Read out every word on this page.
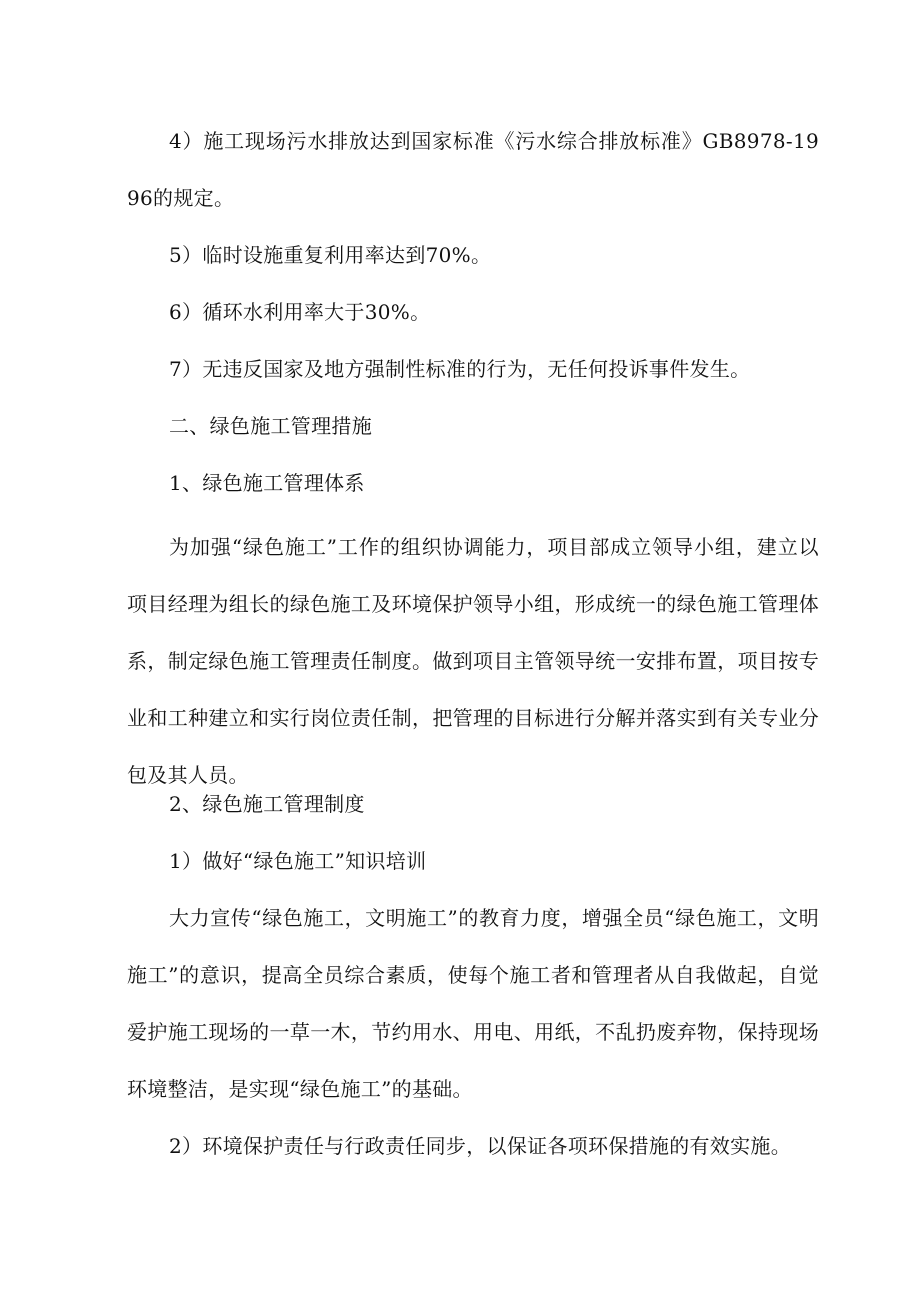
4）施工现场污水排放达到国家标准《污水综合排放标准》GB8978-1996的规定。

5）临时设施重复利用率达到70%。

6）循环水利用率大于30%。

7）无违反国家及地方强制性标准的行为，无任何投诉事件发生。

二、绿色施工管理措施

1、绿色施工管理体系

为加强“绿色施工”工作的组织协调能力，项目部成立领导小组，建立以项目经理为组长的绿色施工及环境保护领导小组，形成统一的绿色施工管理体系，制定绿色施工管理责任制度。做到项目主管领导统一安排布置，项目按专业和工种建立和实行岗位责任制，把管理的目标进行分解并落实到有关专业分包及其人员。

2、绿色施工管理制度

1）做好“绿色施工”知识培训

大力宣传“绿色施工，文明施工”的教育力度，增强全员“绿色施工，文明施工”的意识，提高全员综合素质，使每个施工者和管理者从自我做起，自觉爱护施工现场的一草一木，节约用水、用电、用纸，不乱扔废弃物，保持现场环境整洁，是实现“绿色施工”的基础。

2）环境保护责任与行政责任同步，以保证各项环保措施的有效实施。
